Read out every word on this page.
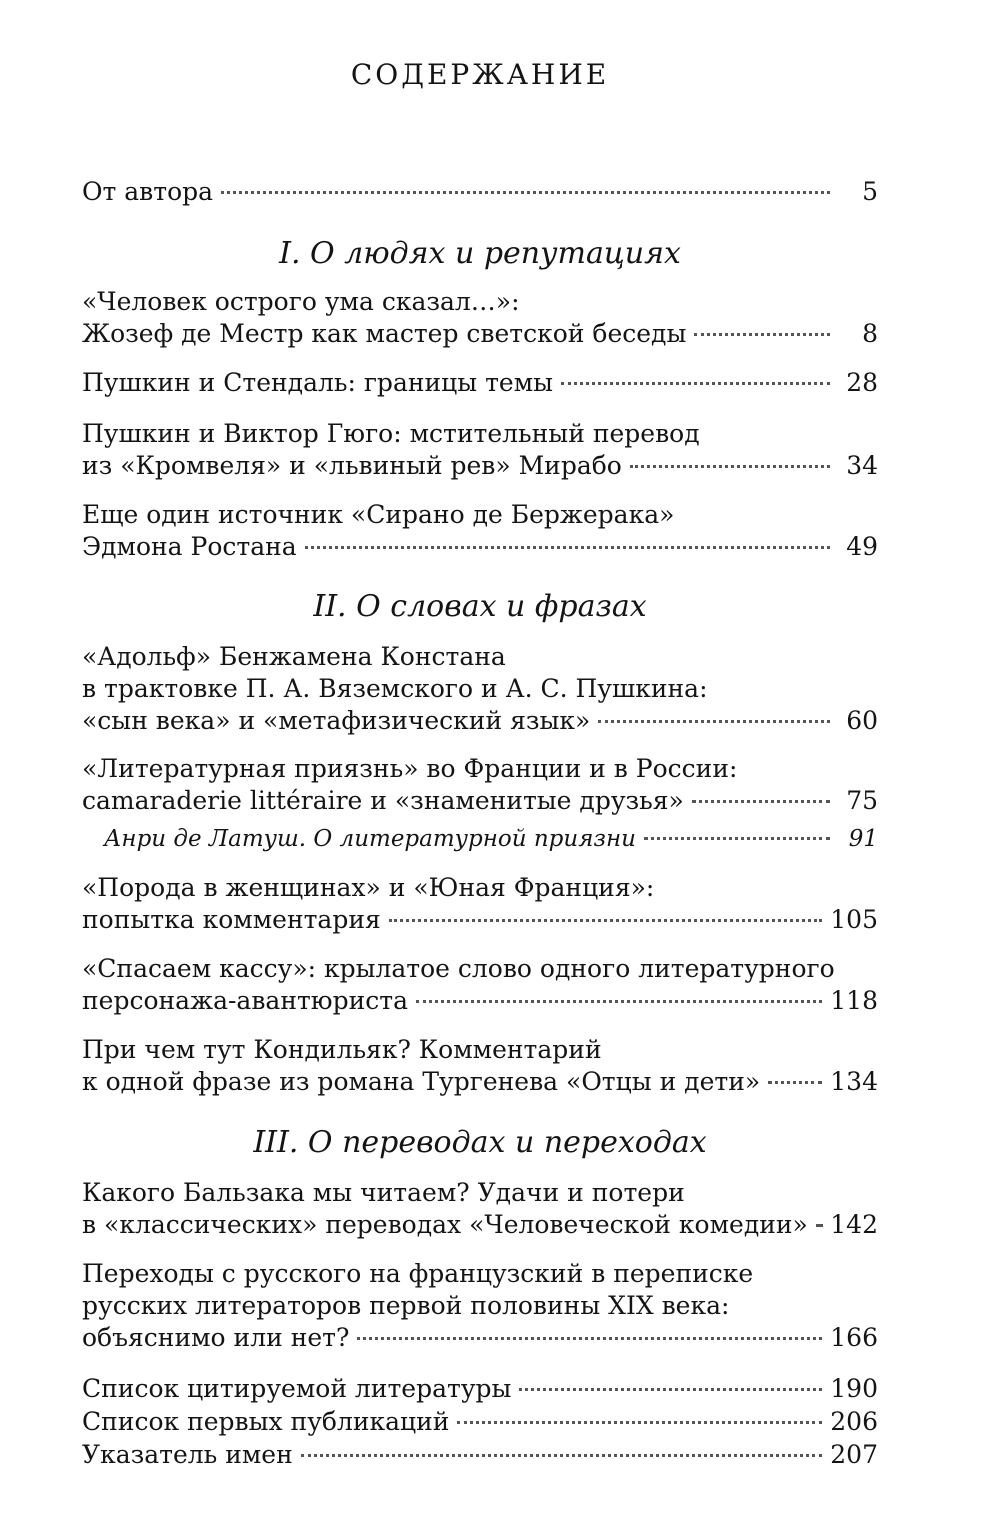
СОДЕРЖАНИЕ
От автора	5
I. О людях и репутациях
«Человек острого ума сказал…»:
Жозеф де Местр как мастер светской беседы	8
Пушкин и Стендаль: границы темы	28
Пушкин и Виктор Гюго: мстительный перевод
из «Кромвеля» и «львиный рев» Мирабо	34
Еще один источник «Сирано де Бержерака»
Эдмона Ростана	49
II. О словах и фразах
«Адольф» Бенжамена Констана
в трактовке П. А. Вяземского и А. С. Пушкина:
«сын века» и «метафизический язык»	60
«Литературная приязнь» во Франции и в России:
camaraderie littéraire и «знаменитые друзья»	75
Анри де Латуш. О литературной приязни	91
«Порода в женщинах» и «Юная Франция»:
попытка комментария	105
«Спасаем кассу»: крылатое слово одного литературного
персонажа-авантюриста	118
При чем тут Кондильяк? Комментарий
к одной фразе из романа Тургенева «Отцы и дети»	134
III. О переводах и переходах
Какого Бальзака мы читаем? Удачи и потери
в «классических» переводах «Человеческой комедии» 142
Переходы с русского на французский в переписке
русских литераторов первой половины XIX века:
объяснимо или нет?	166
Список цитируемой литературы	190
Список первых публикаций	206
Указатель имен	207
